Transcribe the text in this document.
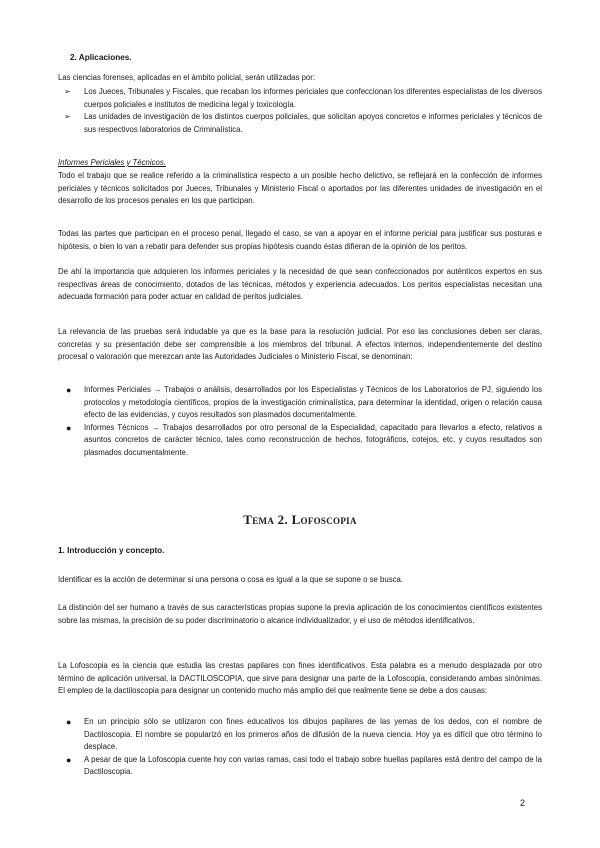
2. Aplicaciones.

Las ciencias forenses, aplicadas en el ámbito policial, serán utilizadas por:

➢ Los Jueces, Tribunales y Fiscales, que recaban los informes periciales que confeccionan los diferentes especialistas de los diversos cuerpos policiales e institutos de medicina legal y toxicología.
➢ Las unidades de investigación de los distintos cuerpos policiales, que solicitan apoyos concretos e informes periciales y técnicos de sus respectivos laboratorios de Criminalística.

Informes Periciales y Técnicos.

Todo el trabajo que se realice referido a la criminalística respecto a un posible hecho delictivo, se reflejará en la confección de informes periciales y técnicos solicitados por Jueces, Tribunales y Ministerio Fiscal o aportados por las diferentes unidades de investigación en el desarrollo de los procesos penales en los que participan.

Todas las partes que participan en el proceso penal, llegado el caso, se van a apoyar en el informe pericial para justificar sus posturas e hipótesis, o bien lo van a rebatir para defender sus propias hipótesis cuando éstas difieran de la opinión de los peritos.

De ahí la importancia que adquieren los informes periciales y la necesidad de que sean confeccionados por auténticos expertos en sus respectivas áreas de conocimiento, dotados de las técnicas, métodos y experiencia adecuados. Los peritos especialistas necesitan una adecuada formación para poder actuar en calidad de peritos judiciales.

La relevancia de las pruebas será indudable ya que es la base para la resolución judicial. Por eso las conclusiones deben ser claras, concretas y su presentación debe ser comprensible a los miembros del tribunal. A efectos internos, independientemente del destino procesal o valoración que merezcan ante las Autoridades Judiciales o Ministerio Fiscal, se denominan:

● Informes Periciales → Trabajos o análisis, desarrollados por los Especialistas y Técnicos de los Laboratorios de PJ, siguiendo los protocolos y metodología científicos, propios de la investigación criminalística, para determinar la identidad, origen o relación causa efecto de las evidencias, y cuyos resultados son plasmados documentalmente.
● Informes Técnicos → Trabajos desarrollados por otro personal de la Especialidad, capacitado para llevarlos a efecto, relativos a asuntos concretos de carácter técnico, tales como reconstrucción de hechos, fotográficos, cotejos, etc, y cuyos resultados son plasmados documentalmente.
Tema 2. Lofoscopia

1. Introducción y concepto.

Identificar es la acción de determinar si una persona o cosa es igual a la que se supone o se busca.

La distinción del ser humano a través de sus características propias supone la previa aplicación de los conocimientos científicos existentes sobre las mismas, la precisión de su poder discriminatorio o alcance individualizador, y el uso de métodos identificativos.

La Lofoscopia es la ciencia que estudia las crestas papilares con fines identificativos. Esta palabra es a menudo desplazada por otro término de aplicación universal, la DACTILOSCOPIA, que sirve para designar una parte de la Lofoscopia, considerando ambas sinónimas. El empleo de la dactiloscopia para designar un contenido mucho más amplio del que realmente tiene se debe a dos causas:

● En un principio sólo se utilizaron con fines educativos los dibujos papilares de las yemas de los dedos, con el nombre de Dactiloscopia. El nombre se popularizó en los primeros años de difusión de la nueva ciencia. Hoy ya es difícil que otro término lo desplace.
● A pesar de que la Lofoscopia cuente hoy con varias ramas, casi todo el trabajo sobre huellas papilares está dentro del campo de la Dactiloscopia.
2
